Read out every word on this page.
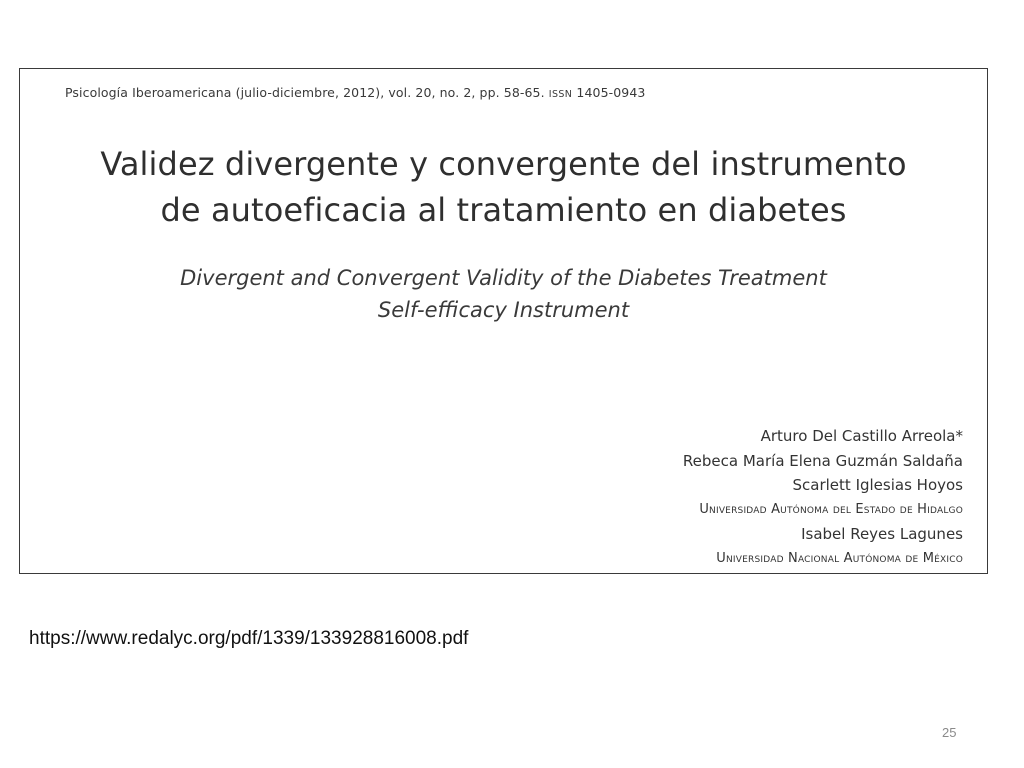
Psicología Iberoamericana (julio-diciembre, 2012), vol. 20, no. 2, pp. 58-65. ISSN 1405-0943
Validez divergente y convergente del instrumento
de autoeficacia al tratamiento en diabetes
Divergent and Convergent Validity of the Diabetes Treatment
Self-efficacy Instrument
Arturo Del Castillo Arreola*
Rebeca María Elena Guzmán Saldaña
Scarlett Iglesias Hoyos
Universidad Autónoma del Estado de Hidalgo
Isabel Reyes Lagunes
Universidad Nacional Autónoma de México
https://www.redalyc.org/pdf/1339/133928816008.pdf
25
